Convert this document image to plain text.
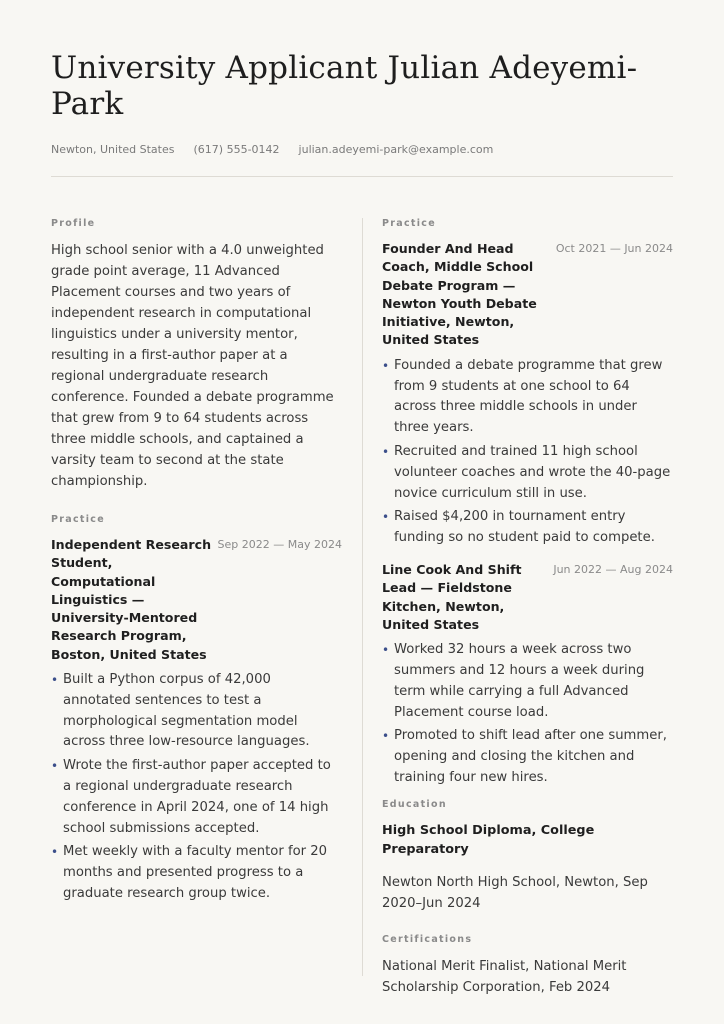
University Applicant Julian Adeyemi-Park
Newton, United States (617) 555-0142 julian.adeyemi-park@example.com
Profile

High school senior with a 4.0 unweighted grade point average, 11 Advanced Placement courses and two years of independent research in computational linguistics under a university mentor, resulting in a first-author paper at a regional undergraduate research conference. Founded a debate programme that grew from 9 to 64 students across three middle schools, and captained a varsity team to second at the state championship.

Practice
Independent Research Student, Computational Linguistics — University-Mentored Research Program, Boston, United States
Sep 2022 — May 2024
• Built a Python corpus of 42,000 annotated sentences to test a morphological segmentation model across three low-resource languages.
• Wrote the first-author paper accepted to a regional undergraduate research conference in April 2024, one of 14 high school submissions accepted.
• Met weekly with a faculty mentor for 20 months and presented progress to a graduate research group twice.
Practice
Founder And Head Coach, Middle School Debate Program — Newton Youth Debate Initiative, Newton, United States
Oct 2021 — Jun 2024
• Founded a debate programme that grew from 9 students at one school to 64 across three middle schools in under three years.
• Recruited and trained 11 high school volunteer coaches and wrote the 40-page novice curriculum still in use.
• Raised $4,200 in tournament entry funding so no student paid to compete.
Line Cook And Shift Lead — Fieldstone Kitchen, Newton, United States
Jun 2022 — Aug 2024
• Worked 32 hours a week across two summers and 12 hours a week during term while carrying a full Advanced Placement course load.
• Promoted to shift lead after one summer, opening and closing the kitchen and training four new hires.
Education

High School Diploma, College Preparatory

Newton North High School, Newton, Sep 2020–Jun 2024

Certifications

National Merit Finalist, National Merit Scholarship Corporation, Feb 2024
